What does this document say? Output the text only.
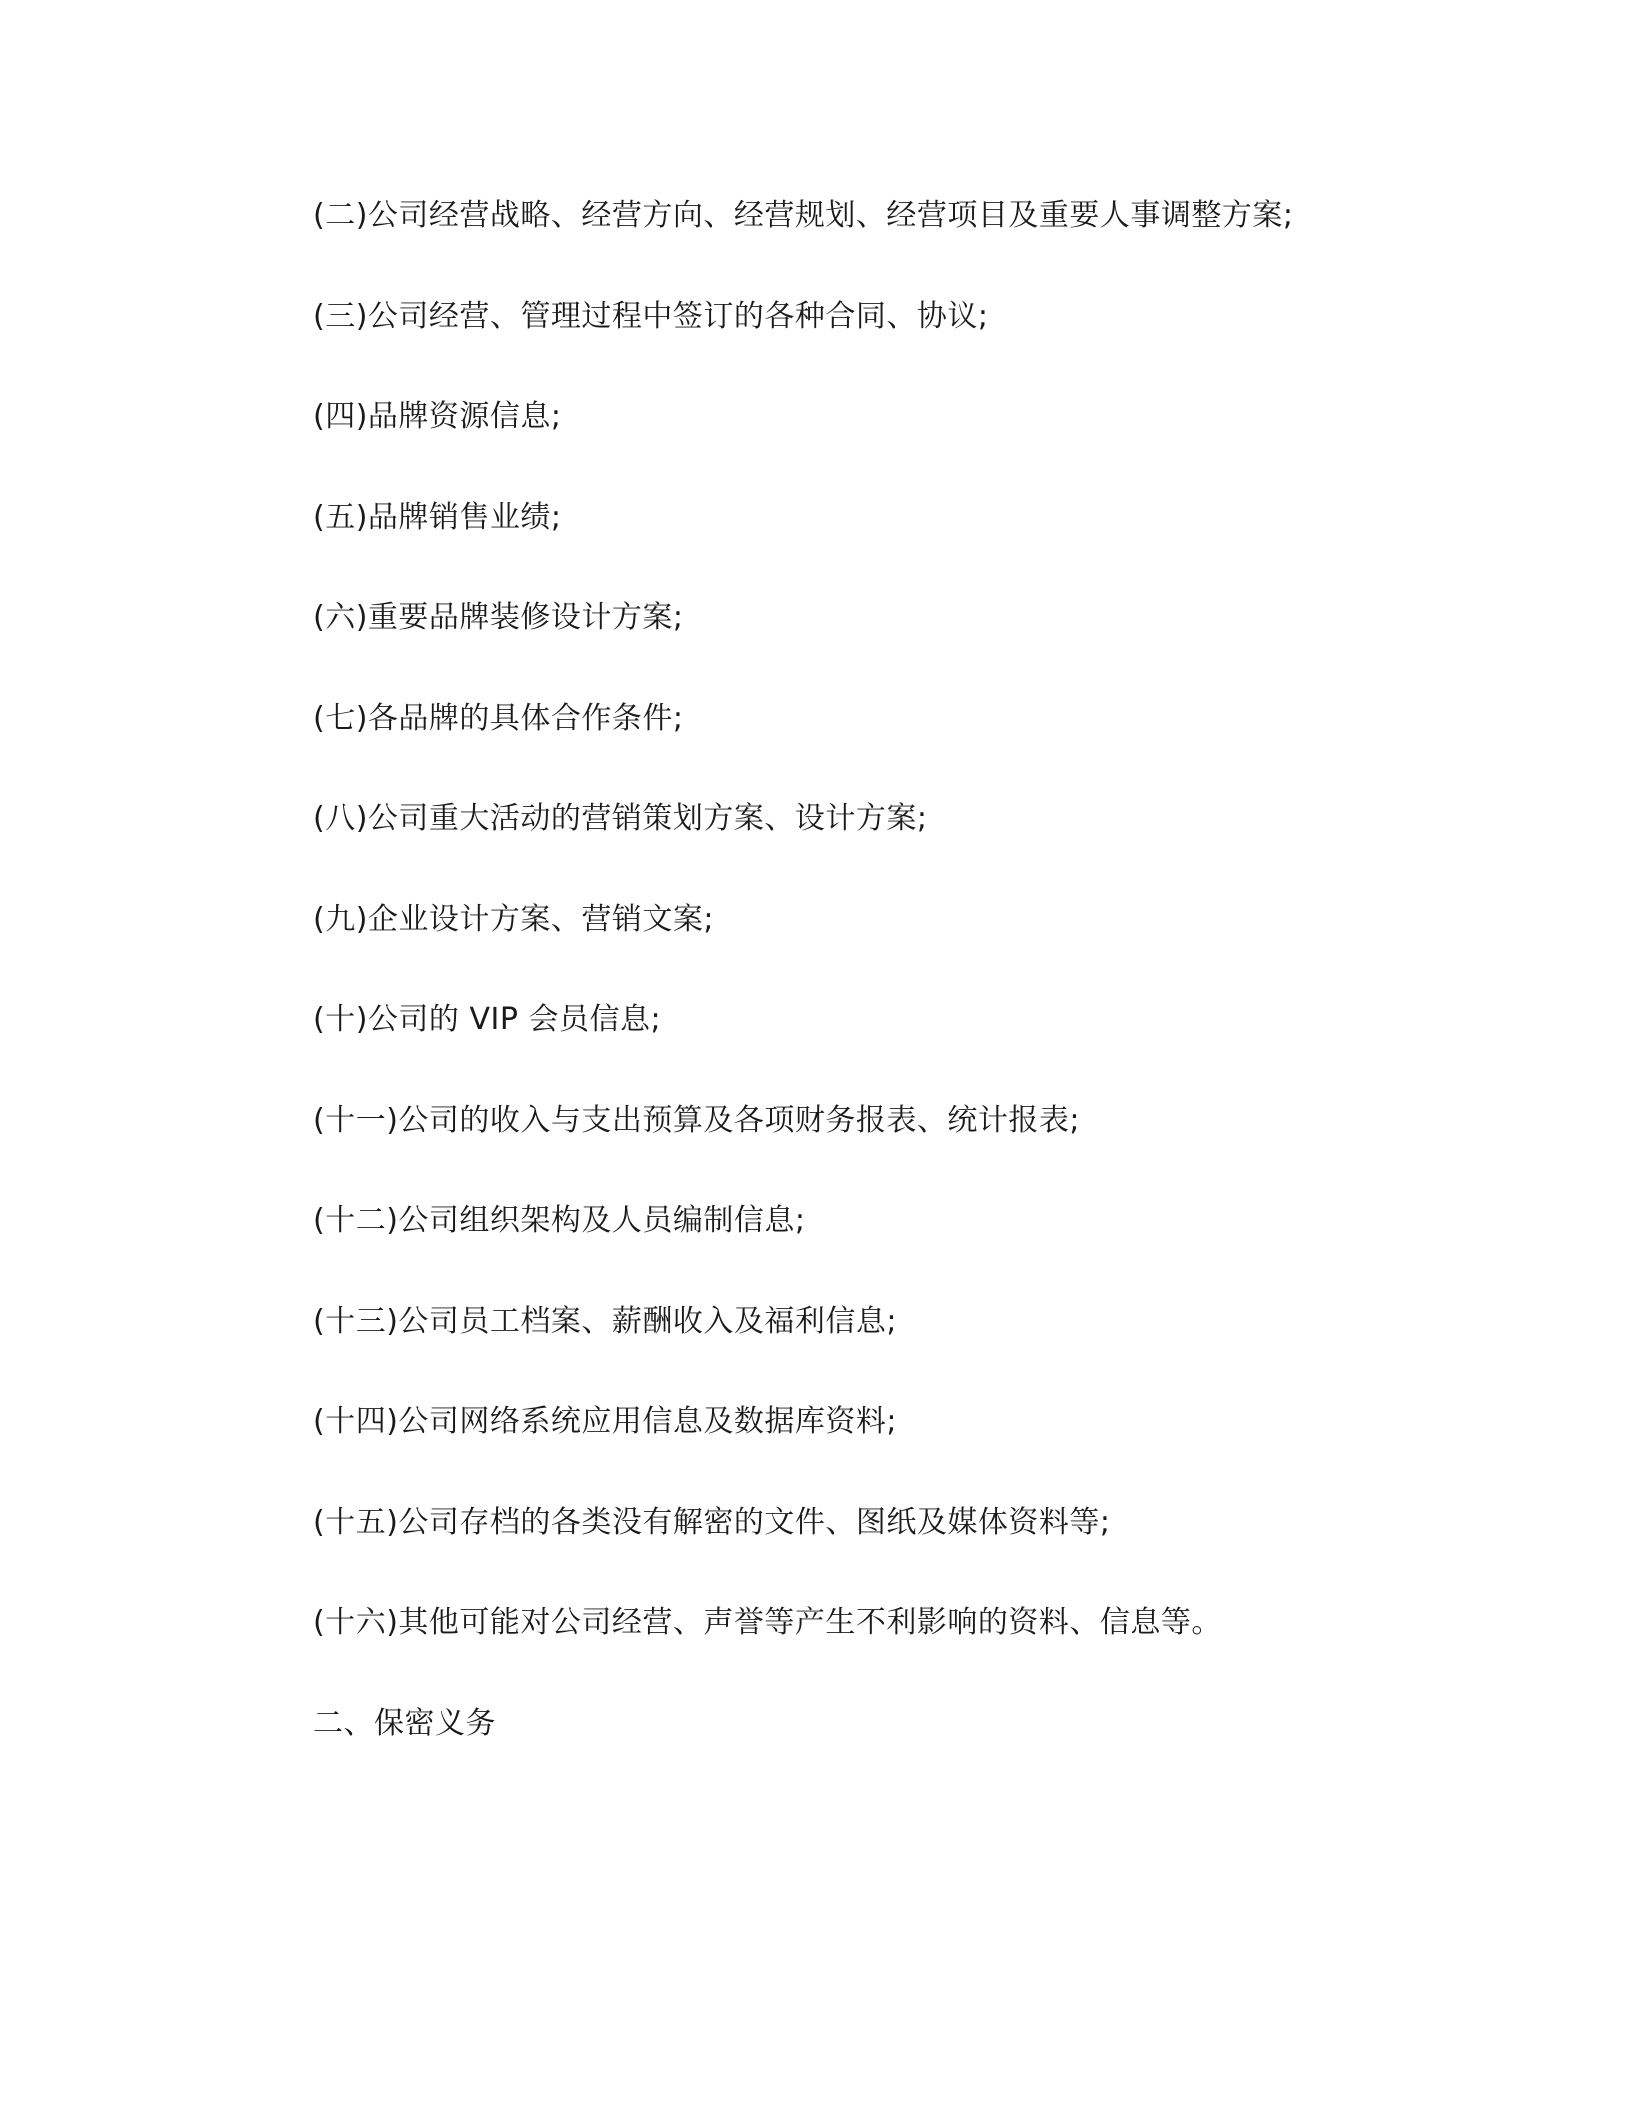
(二)公司经营战略、经营方向、经营规划、经营项目及重要人事调整方案;
(三)公司经营、管理过程中签订的各种合同、协议;
(四)品牌资源信息;
(五)品牌销售业绩;
(六)重要品牌装修设计方案;
(七)各品牌的具体合作条件;
(八)公司重大活动的营销策划方案、设计方案;
(九)企业设计方案、营销文案;
(十)公司的 VIP 会员信息;
(十一)公司的收入与支出预算及各项财务报表、统计报表;
(十二)公司组织架构及人员编制信息;
(十三)公司员工档案、薪酬收入及福利信息;
(十四)公司网络系统应用信息及数据库资料;
(十五)公司存档的各类没有解密的文件、图纸及媒体资料等;
(十六)其他可能对公司经营、声誉等产生不利影响的资料、信息等。
二、保密义务
